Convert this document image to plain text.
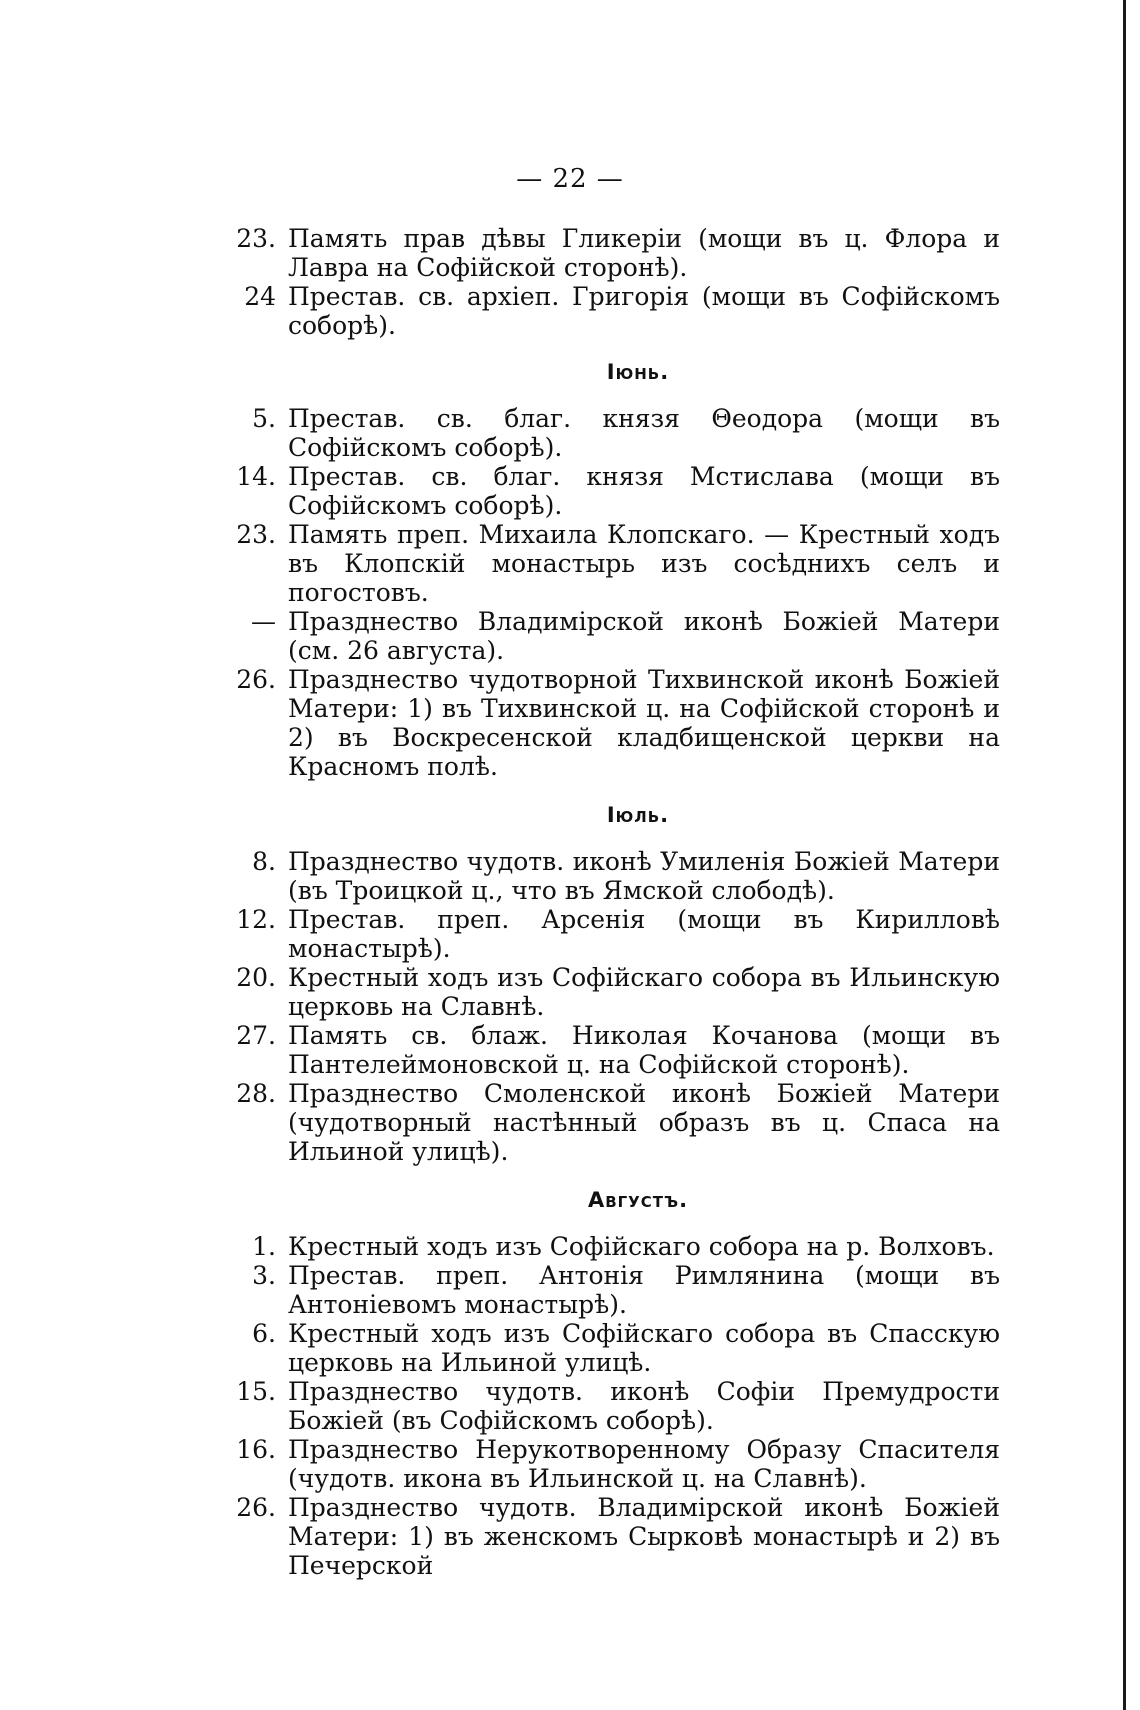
— 22 —
23. Память прав дѣвы Гликеріи (мощи въ ц. Флора и Лавра на Софійской сторонѣ).
24 Престав. св. архіеп. Григорія (мощи въ Софійскомъ соборѣ).
Іюнь.
5. Престав. св. благ. князя Θеодора (мощи въ Софійскомъ соборѣ).
14. Престав. св. благ. князя Мстислава (мощи въ Софійскомъ соборѣ).
23. Память преп. Михаила Клопскаго. — Крестный ходъ въ Клопскій монастырь изъ сосѣднихъ селъ и погостовъ.
— Празднество Владимірской иконѣ Божіей Матери (см. 26 августа).
26. Празднество чудотворной Тихвинской иконѣ Божіей Матери: 1) въ Тихвинской ц. на Софійской сторонѣ и 2) въ Воскресенской кладбищенской церкви на Красномъ полѣ.
Іюль.
8. Празднество чудотв. иконѣ Умиленія Божіей Матери (въ Троицкой ц., что въ Ямской слободѣ).
12. Престав. преп. Арсенія (мощи въ Кирилловѣ монастырѣ).
20. Крестный ходъ изъ Софійскаго собора въ Ильинскую церковь на Славнѣ.
27. Память св. блаж. Николая Кочанова (мощи въ Пантелеймоновской ц. на Софійской сторонѣ).
28. Празднество Смоленской иконѣ Божіей Матери (чудотворный настѣнный образъ въ ц. Спаса на Ильиной улицѣ).
Августъ.
1. Крестный ходъ изъ Софійскаго собора на р. Волховъ.
3. Престав. преп. Антонія Римлянина (мощи въ Антоніевомъ монастырѣ).
6. Крестный ходъ изъ Софійскаго собора въ Спасскую церковь на Ильиной улицѣ.
15. Празднество чудотв. иконѣ Софіи Премудрости Божіей (въ Софійскомъ соборѣ).
16. Празднество Нерукотворенному Образу Спасителя (чудотв. икона въ Ильинской ц. на Славнѣ).
26. Празднество чудотв. Владимірской иконѣ Божіей Матери: 1) въ женскомъ Сырковѣ монастырѣ и 2) въ Печерской
